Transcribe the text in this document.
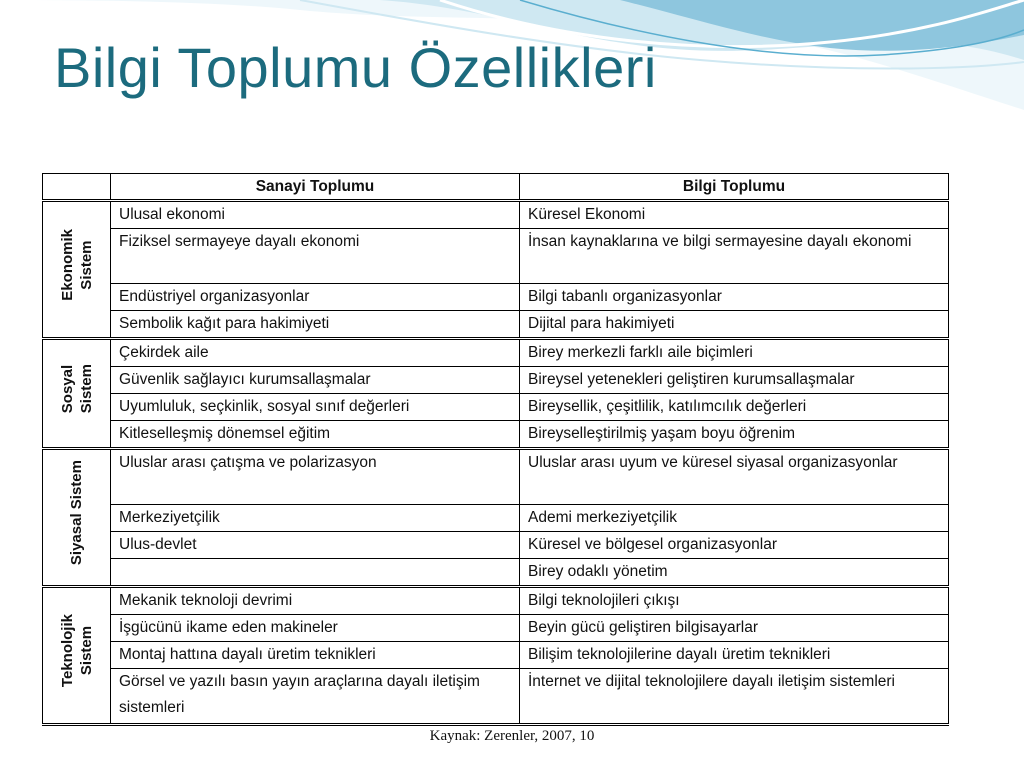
Bilgi Toplumu Özellikleri
	Sanayi Toplumu	Bilgi Toplumu
Ekonomik
Sistem	Ulusal ekonomi	Küresel Ekonomi
	Fiziksel sermayeye dayalı ekonomi	İnsan kaynaklarına ve bilgi sermayesine dayalı ekonomi
	Endüstriyel organizasyonlar	Bilgi tabanlı organizasyonlar
	Sembolik kağıt para hakimiyeti	Dijital para hakimiyeti
Sosyal
Sistem	Çekirdek aile	Birey merkezli farklı aile biçimleri
	Güvenlik sağlayıcı kurumsallaşmalar	Bireysel yetenekleri geliştiren kurumsallaşmalar
	Uyumluluk, seçkinlik, sosyal sınıf değerleri	Bireysellik, çeşitlilik, katılımcılık değerleri
	Kitleselleşmiş dönemsel eğitim	Bireyselleştirilmiş yaşam boyu öğrenim
Siyasal Sistem	Uluslar arası çatışma ve polarizasyon	Uluslar arası uyum ve küresel siyasal organizasyonlar
	Merkeziyetçilik	Ademi merkeziyetçilik
	Ulus-devlet	Küresel ve bölgesel organizasyonlar
		Birey odaklı yönetim
Teknolojik
Sistem	Mekanik teknoloji devrimi	Bilgi teknolojileri çıkışı
	İşgücünü ikame eden makineler	Beyin gücü geliştiren bilgisayarlar
	Montaj hattına dayalı üretim teknikleri	Bilişim teknolojilerine dayalı üretim teknikleri
	Görsel ve yazılı basın yayın araçlarına dayalı iletişim sistemleri	İnternet ve dijital teknolojilere dayalı iletişim sistemleri
Kaynak: Zerenler, 2007, 10
